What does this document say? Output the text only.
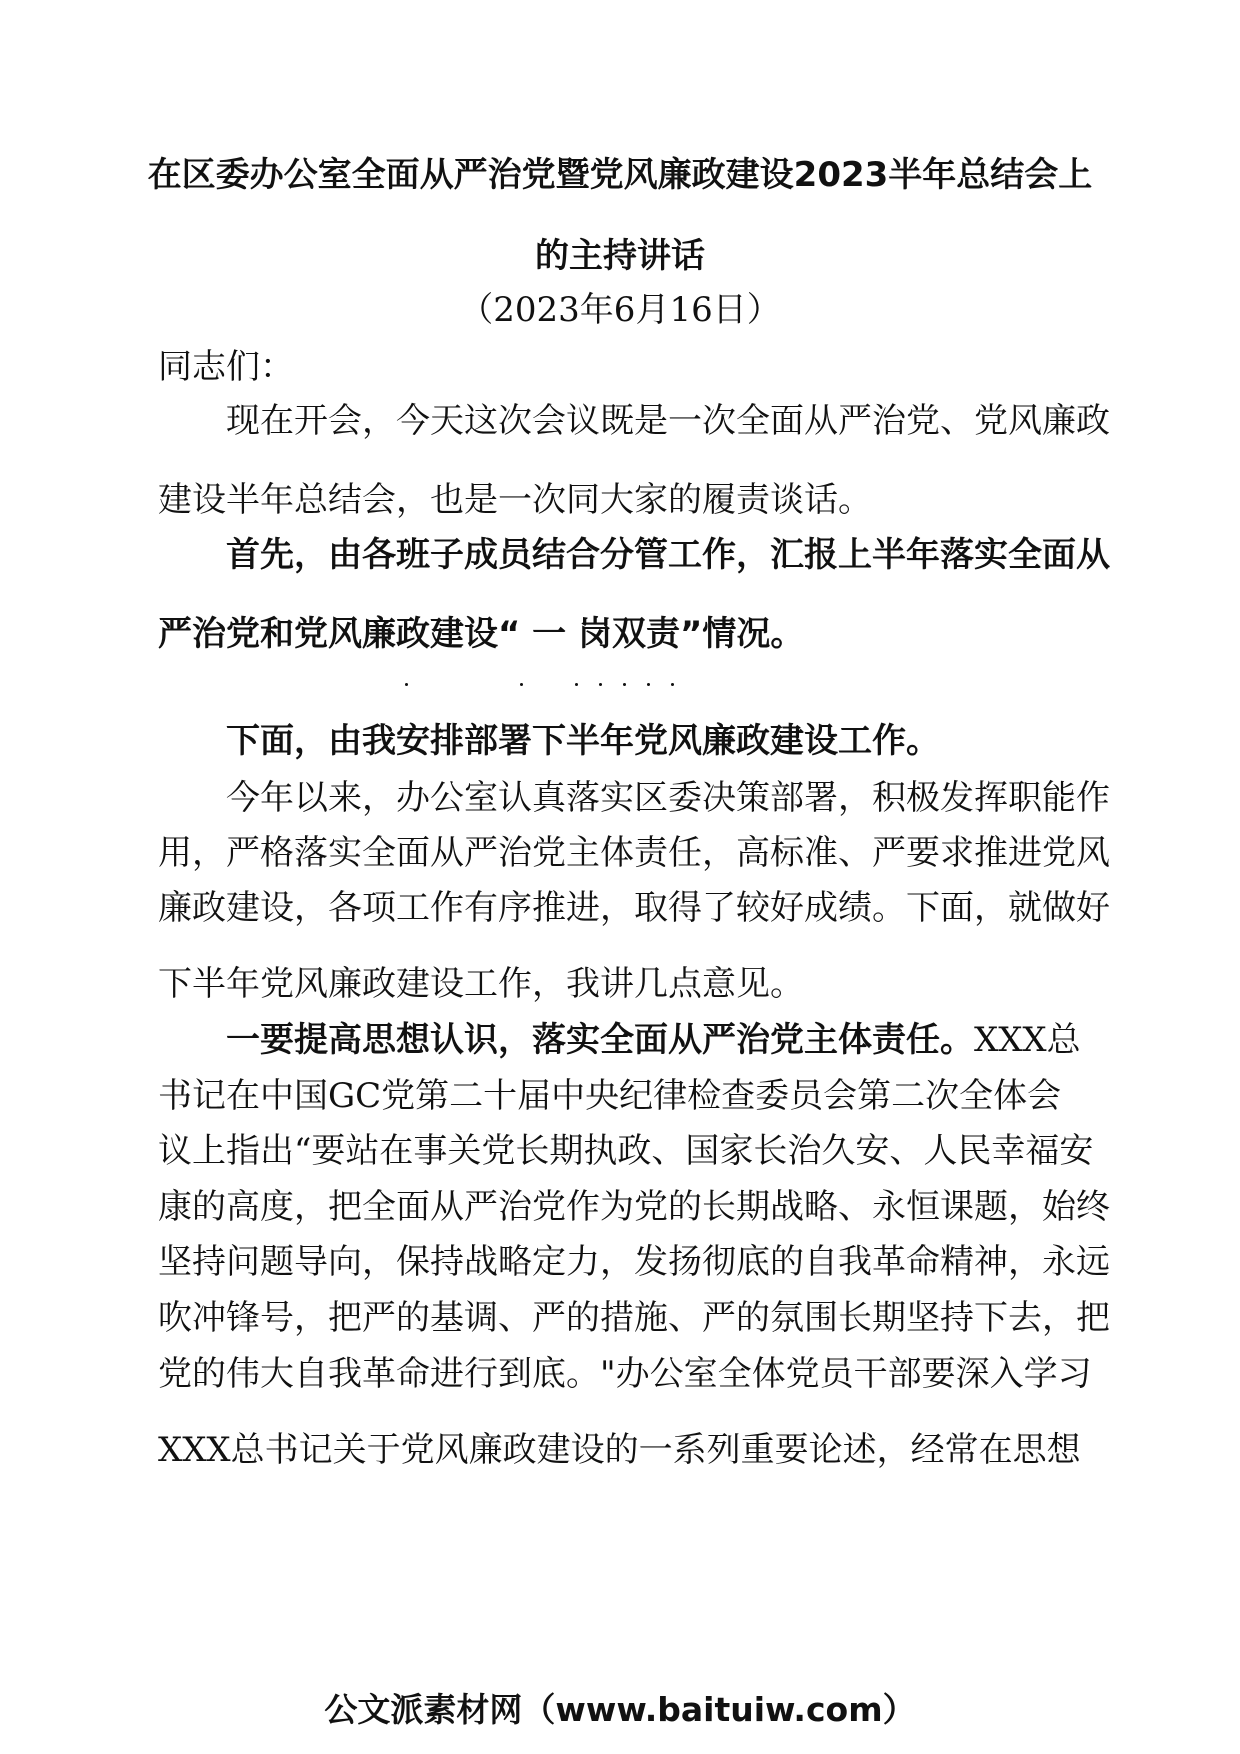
在区委办公室全面从严治党暨党风廉政建设2023半年总结会上
的主持讲话
（2023年6月16日）
同志们：
现在开会，今天这次会议既是一次全面从严治党、党风廉政
建设半年总结会，也是一次同大家的履责谈话。
首先，由各班子成员结合分管工作，汇报上半年落实全面从
严治党和党风廉政建设“ 一 岗双责”情况。
下面，由我安排部署下半年党风廉政建设工作。
今年以来，办公室认真落实区委决策部署，积极发挥职能作
用，严格落实全面从严治党主体责任，高标准、严要求推进党风
廉政建设，各项工作有序推进，取得了较好成绩。下面，就做好
下半年党风廉政建设工作，我讲几点意见。
一要提高思想认识，落实全面从严治党主体责任。 XXX总
书记在中国GC党第二十届中央纪律检查委员会第二次全体会
议上指出“要站在事关党长期执政、国家长治久安、人民幸福安
康的高度，把全面从严治党作为党的长期战略、永恒课题，始终
坚持问题导向，保持战略定力，发扬彻底的自我革命精神，永远
吹冲锋号，把严的基调、严的措施、严的氛围长期坚持下去，把
党的伟大自我革命进行到底。"办公室全体党员干部要深入学习
XXX总书记关于党风廉政建设的一系列重要论述，经常在思想
公文派素材网（www.baituiw.com）
